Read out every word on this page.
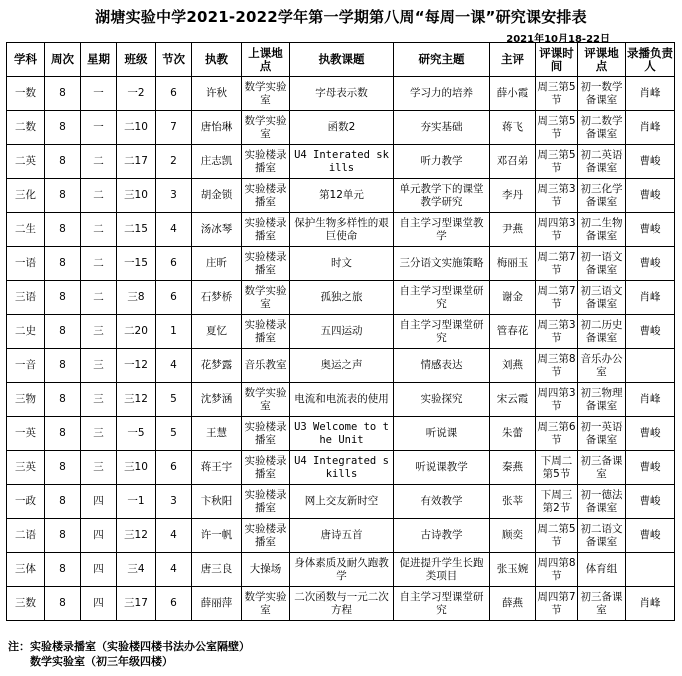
湖塘实验中学2021-2022学年第一学期第八周“每周一课”研究课安排表
2021年10月18-22日
学科	周次	星期	班级	节次	执教	上课地点	执教课题	研究主题	主评	评课时间	评课地点	录播负责人
一数	8	一	一2	6	许秋	数学实验室	字母表示数	学习力的培养	薛小霞	周三第5节	初一数学备课室	肖峰
二数	8	一	二10	7	唐怡琳	数学实验室	函数2	夯实基础	蒋飞	周三第5节	初二数学备课室	肖峰
二英	8	二	二17	2	庄志凯	实验楼录播室	U4 Interated skills	听力教学	邓召弟	周三第5节	初二英语备课室	曹峻
三化	8	二	三10	3	胡金锁	实验楼录播室	第12单元	单元教学下的课堂教学研究	李丹	周三第3节	初三化学备课室	曹峻
二生	8	二	二15	4	汤冰琴	实验楼录播室	保护生物多样性的艰巨使命	自主学习型课堂教学	尹燕	周四第3节	初二生物备课室	曹峻
一语	8	二	一15	6	庄昕	实验楼录播室	时文	三分语文实施策略	梅丽玉	周二第7节	初一语文备课室	曹峻
三语	8	二	三8	6	石梦桥	数学实验室	孤独之旅	自主学习型课堂研究	谢金	周二第7节	初三语文备课室	肖峰
二史	8	三	二20	1	夏忆	实验楼录播室	五四运动	自主学习型课堂研究	管春花	周三第3节	初二历史备课室	曹峻
一音	8	三	一12	4	花梦露	音乐教室	奥运之声	情感表达	刘燕	周三第8节	音乐办公室	
三物	8	三	三12	5	沈梦涵	数学实验室	电流和电流表的使用	实验探究	宋云霞	周四第3节	初三物理备课室	肖峰
一英	8	三	一5	5	王慧	实验楼录播室	U3 Welcome to the Unit	听说课	朱蕾	周三第6节	初一英语备课室	曹峻
三英	8	三	三10	6	蒋王宇	实验楼录播室	U4 Integrated skills	听说课教学	秦燕	下周二第5节	初三备课室	曹峻
一政	8	四	一1	3	卞秋阳	实验楼录播室	网上交友新时空	有效教学	张莘	下周三第2节	初一德法备课室	曹峻
二语	8	四	三12	4	许一帆	实验楼录播室	唐诗五首	古诗教学	顾奕	周二第5节	初二语文备课室	曹峻
三体	8	四	三4	4	唐三良	大操场	身体素质及耐久跑教学	促进提升学生长跑类项目	张玉婉	周四第8节	体育组	
三数	8	四	三17	6	薛丽萍	数学实验室	二次函数与一元二次方程	自主学习型课堂研究	薛燕	周四第7节	初三备课室	肖峰
注：实验楼录播室（实验楼四楼书法办公室隔壁）
数学实验室（初三年级四楼）
